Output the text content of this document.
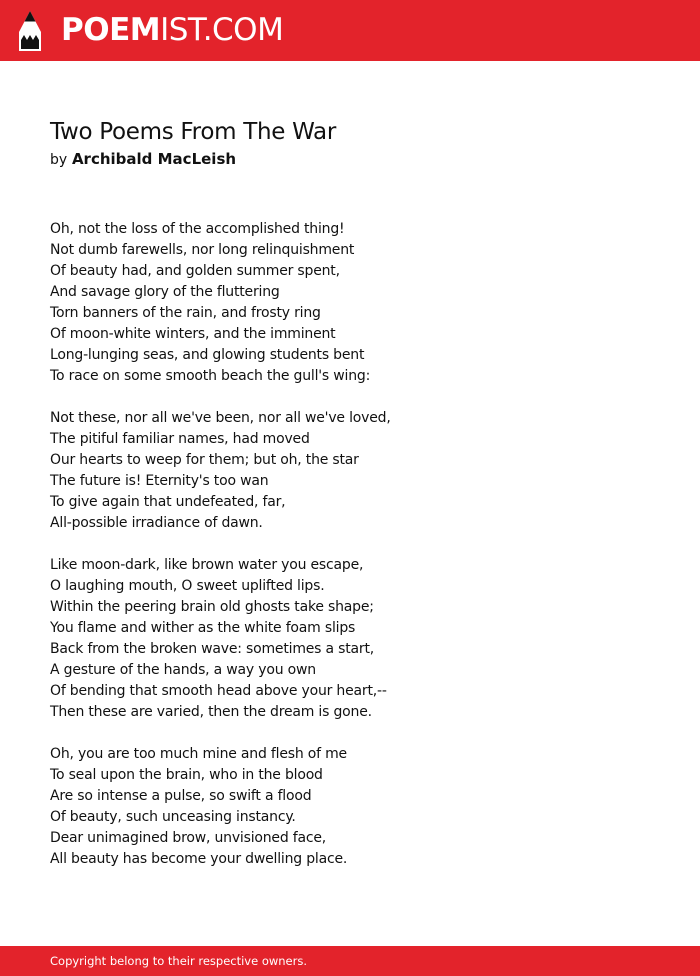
POEMIST.COM
Two Poems From The War
by Archibald MacLeish
Oh, not the loss of the accomplished thing!
Not dumb farewells, nor long relinquishment
Of beauty had, and golden summer spent,
And savage glory of the fluttering
Torn banners of the rain, and frosty ring
Of moon-white winters, and the imminent
Long-lunging seas, and glowing students bent
To race on some smooth beach the gull's wing:
Not these, nor all we've been, nor all we've loved,
The pitiful familiar names, had moved
Our hearts to weep for them; but oh, the star
The future is! Eternity's too wan
To give again that undefeated, far,
All-possible irradiance of dawn.
Like moon-dark, like brown water you escape,
O laughing mouth, O sweet uplifted lips.
Within the peering brain old ghosts take shape;
You flame and wither as the white foam slips
Back from the broken wave: sometimes a start,
A gesture of the hands, a way you own
Of bending that smooth head above your heart,--
Then these are varied, then the dream is gone.
Oh, you are too much mine and flesh of me
To seal upon the brain, who in the blood
Are so intense a pulse, so swift a flood
Of beauty, such unceasing instancy.
Dear unimagined brow, unvisioned face,
All beauty has become your dwelling place.
Copyright belong to their respective owners.
